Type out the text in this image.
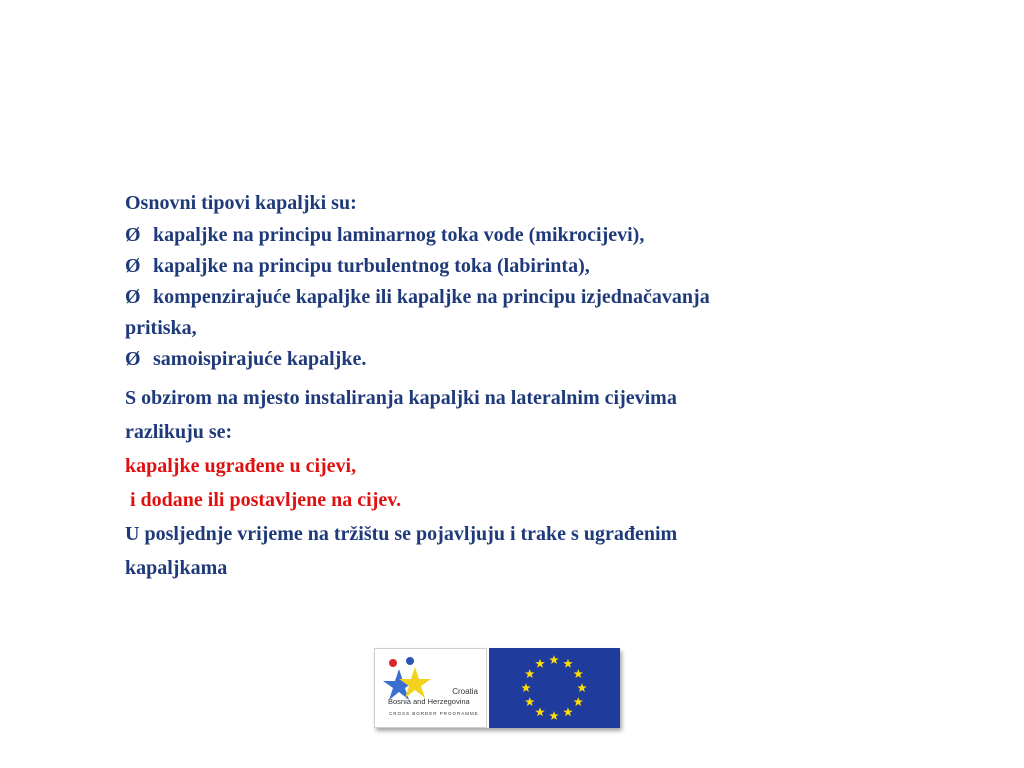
Osnovni tipovi kapaljki su:
Ø kapaljke na principu laminarnog toka vode (mikrocijevi),
Ø kapaljke na principu turbulentnog toka (labirinta),
Ø kompenzirajuće kapaljke ili kapaljke na principu izjednačavanja
pritiska,
Ø samoispirajuće kapaljke.
S obzirom na mjesto instaliranja kapaljki na lateralnim cijevima
razlikuju se:
kapaljke ugrađene u cijevi,
i dodane ili postavljene na cijev.
U posljednje vrijeme na tržištu se pojavljuju i trake s ugrađenim
kapaljkama
Croatia
Bosnia and Herzegovina
CROSS BORDER PROGRAMME
